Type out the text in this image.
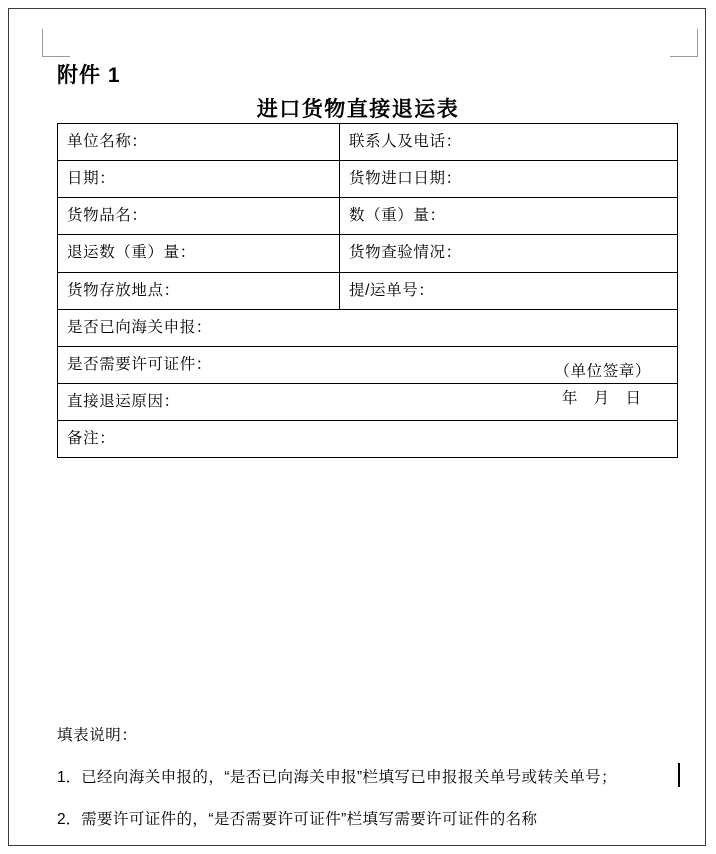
附件 1
进口货物直接退运表
单位名称：	联系人及电话：
日期：	货物进口日期：
货物品名：	数（重）量：
退运数（重）量：	货物查验情况：
货物存放地点：	提/运单号：
是否已向海关申报：	
是否需要许可证件：	

直接退运原因：
（单位签章）
年 月 日	

备注：	
填表说明：
1．已经向海关申报的，“是否已向海关申报”栏填写已申报报关单号或转关单号；
2．需要许可证件的，“是否需要许可证件”栏填写需要许可证件的名称
